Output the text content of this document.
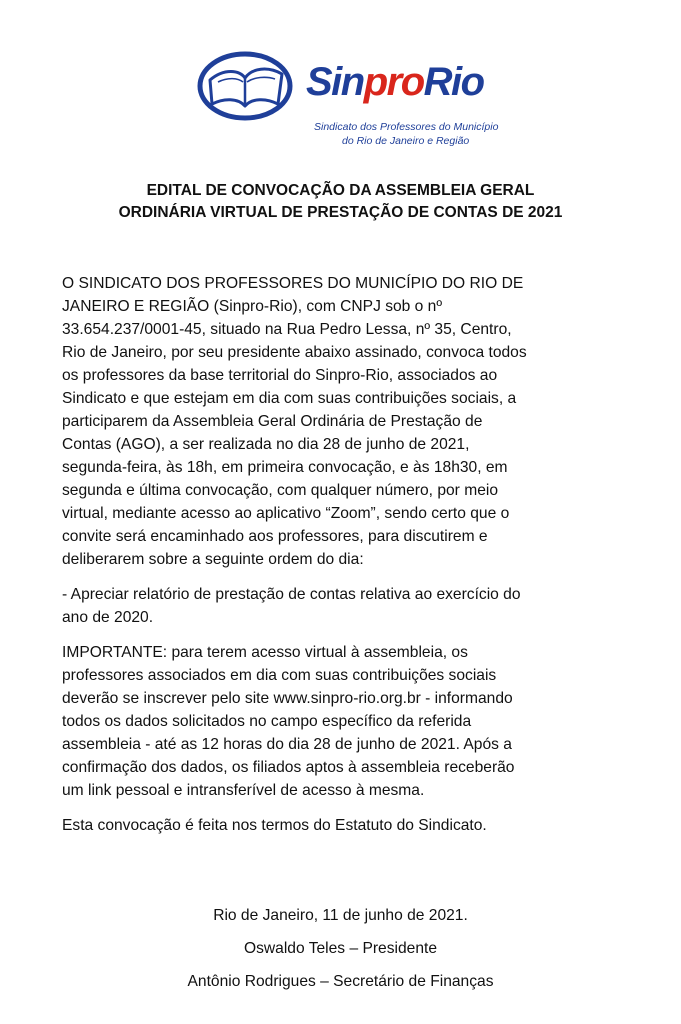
SinproRio
Sindicato dos Professores do Município
do Rio de Janeiro e Região
EDITAL DE CONVOCAÇÃO DA ASSEMBLEIA GERAL
ORDINÁRIA VIRTUAL DE PRESTAÇÃO DE CONTAS DE 2021

O SINDICATO DOS PROFESSORES DO MUNICÍPIO DO RIO DE
JANEIRO E REGIÃO (Sinpro-Rio), com CNPJ sob o nº
33.654.237/0001-45, situado na Rua Pedro Lessa, nº 35, Centro,
Rio de Janeiro, por seu presidente abaixo assinado, convoca todos
os professores da base territorial do Sinpro-Rio, associados ao
Sindicato e que estejam em dia com suas contribuições sociais, a
participarem da Assembleia Geral Ordinária de Prestação de
Contas (AGO), a ser realizada no dia 28 de junho de 2021,
segunda-feira, às 18h, em primeira convocação, e às 18h30, em
segunda e última convocação, com qualquer número, por meio
virtual, mediante acesso ao aplicativo “Zoom”, sendo certo que o
convite será encaminhado aos professores, para discutirem e
deliberarem sobre a seguinte ordem do dia:

- Apreciar relatório de prestação de contas relativa ao exercício do
ano de 2020.

IMPORTANTE: para terem acesso virtual à assembleia, os
professores associados em dia com suas contribuições sociais
deverão se inscrever pelo site www.sinpro-rio.org.br - informando
todos os dados solicitados no campo específico da referida
assembleia - até as 12 horas do dia 28 de junho de 2021. Após a
confirmação dos dados, os filiados aptos à assembleia receberão
um link pessoal e intransferível de acesso à mesma.

Esta convocação é feita nos termos do Estatuto do Sindicato.

Rio de Janeiro, 11 de junho de 2021.
Oswaldo Teles – Presidente
Antônio Rodrigues – Secretário de Finanças
